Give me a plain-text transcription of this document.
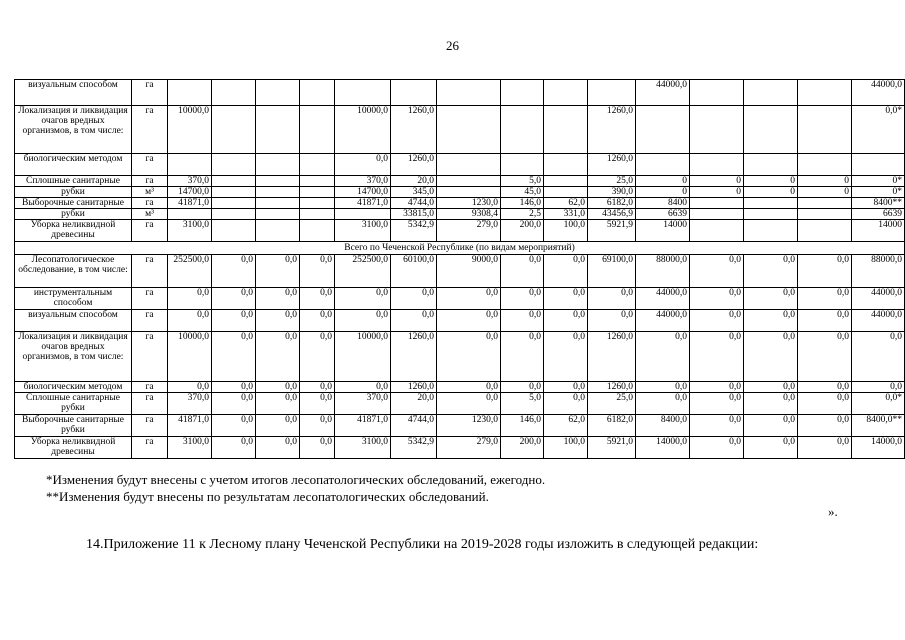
26
визуальным способом	га											44000,0				44000,0
Локализация и ликвидация очагов вредных организмов, в том числе:	га	10000,0				10000,0	1260,0				1260,0					0,0*
биологическим методом	га					0,0	1260,0				1260,0					
Сплошные санитарные	га	370,0				370,0	20,0		5,0		25,0	0	0	0	0	0*
рубки	м³	14700,0				14700,0	345,0		45,0		390,0	0	0	0	0	0*
Выборочные санитарные	га	41871,0				41871,0	4744,0	1230,0	146,0	62,0	6182,0	8400				8400**
рубки	м³						33815,0	9308,4	2,5	331,0	43456,9	6639				6639
Уборка неликвидной древесины	га	3100,0				3100,0	5342,9	279,0	200,0	100,0	5921,9	14000				14000
Всего по Чеченской Республике (по видам мероприятий)																
Лесопатологическое обследование, в том числе:	га	252500,0	0,0	0,0	0,0	252500,0	60100,0	9000,0	0,0	0,0	69100,0	88000,0	0,0	0,0	0,0	88000,0
инструментальным способом	га	0,0	0,0	0,0	0,0	0,0	0,0	0,0	0,0	0,0	0,0	44000,0	0,0	0,0	0,0	44000,0
визуальным способом	га	0,0	0,0	0,0	0,0	0,0	0,0	0,0	0,0	0,0	0,0	44000,0	0,0	0,0	0,0	44000,0
Локализация и ликвидация очагов вредных организмов, в том числе:	га	10000,0	0,0	0,0	0,0	10000,0	1260,0	0,0	0,0	0,0	1260,0	0,0	0,0	0,0	0,0	0,0
биологическим методом	га	0,0	0,0	0,0	0,0	0,0	1260,0	0,0	0,0	0,0	1260,0	0,0	0,0	0,0	0,0	0,0
Сплошные санитарные рубки	га	370,0	0,0	0,0	0,0	370,0	20,0	0,0	5,0	0,0	25,0	0,0	0,0	0,0	0,0	0,0*
Выборочные санитарные рубки	га	41871,0	0,0	0,0	0,0	41871,0	4744,0	1230,0	146,0	62,0	6182,0	8400,0	0,0	0,0	0,0	8400,0**
Уборка неликвидной древесины	га	3100,0	0,0	0,0	0,0	3100,0	5342,9	279,0	200,0	100,0	5921,0	14000,0	0,0	0,0	0,0	14000,0
*Изменения будут внесены с учетом итогов лесопатологических обследований, ежегодно.
**Изменения будут внесены по результатам лесопатологических обследований.
».
14.Приложение 11 к Лесному плану Чеченской Республики на 2019-2028 годы изложить в следующей редакции:
